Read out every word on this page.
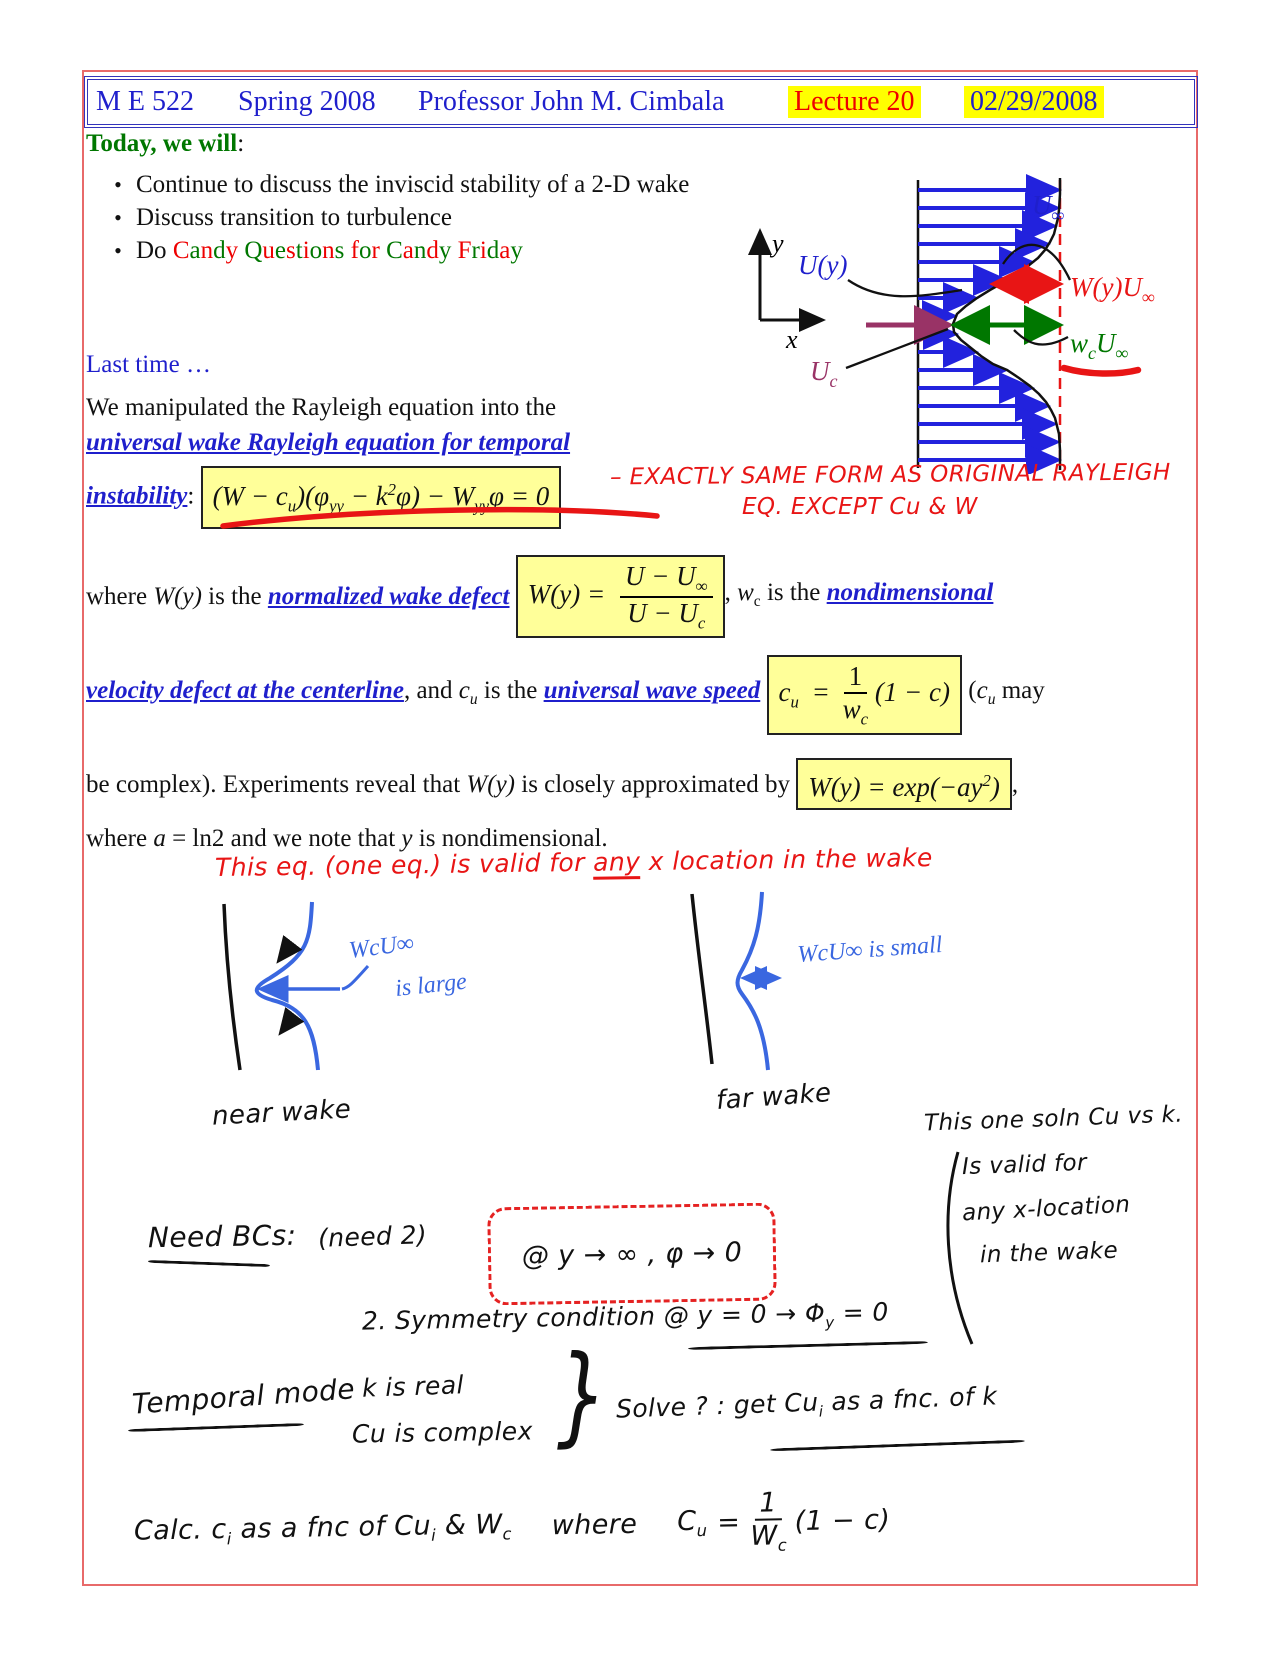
M E 522 Spring 2008 Professor John M. Cimbala Lecture 20 02/29/2008
Today, we will:
• Continue to discuss the inviscid stability of a 2-D wake
• Discuss transition to turbulence
• Do Candy Questions for Candy Friday	y
x
U(y)
$U_c$
$U_\infty$
$W(y)U_\infty$
$w_cU_\infty$
Last time …
We manipulated the Rayleigh equation into the
universal wake Rayleigh equation for temporal
instability: $(W - c_u)(\varphi_{yy} - k^2\varphi) - W_{yy}\varphi = 0$
– EXACTLY SAME FORM AS ORIGINAL RAYLEIGH
EQ. EXCEPT Cu & W
where W(y) is the normalized wake defect $W(y) = \frac{U - U_\infty}{U - U_c}$ , $w_c$ is the nondimensional
velocity defect at the centerline, and $c_u$ is the universal wave speed $c_u = \frac{1}{w_c} (1 - c)$ ($c_u$ may
be complex). Experiments reveal that W(y) is closely approximated by $W(y) = \exp(-ay^2)$ ,
where a = ln2 and we note that y is nondimensional.
This eq. (one eq.) is valid for any x location in the wake
WcU∞
is large
WcU∞ is small
near wake	far wake
This one soln Cu vs k.
Is valid for
any x-location
in the wake
Need BCs: (need 2)
@ y → ∞ , φ → 0
2. Symmetry condition @ $y = 0 \to \Phi_y = 0$
Temporal mode k is real
Cu is complex } Solve ? : get $Cu_i$ as a fnc. of k
Calc. $c_i$ as a fnc of $Cu_i$ & $W_c$ where $C_u = \frac{1}{W_c} (1 - c)$
